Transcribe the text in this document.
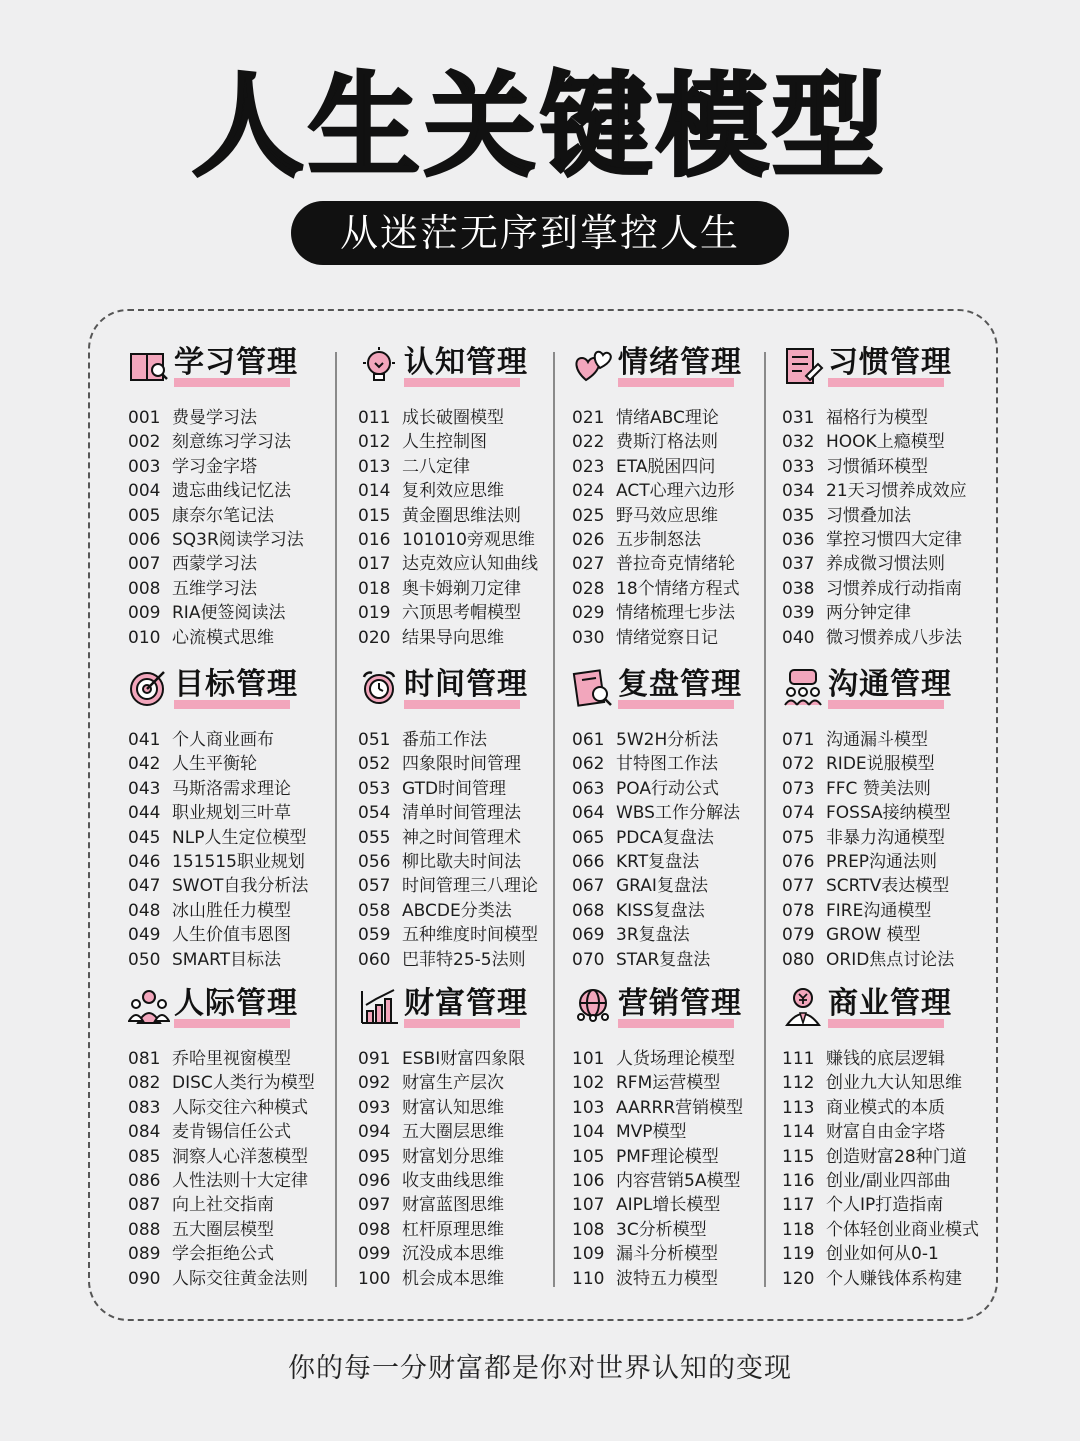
人生关键模型
从迷茫无序到掌控人生
学习管理
001 费曼学习法
002 刻意练习学习法
003 学习金字塔
004 遗忘曲线记忆法
005 康奈尔笔记法
006 SQ3R阅读学习法
007 西蒙学习法
008 五维学习法
009 RIA便签阅读法
010 心流模式思维
认知管理
011 成长破圈模型
012 人生控制图
013 二八定律
014 复利效应思维
015 黄金圈思维法则
016 101010旁观思维
017 达克效应认知曲线
018 奥卡姆剃刀定律
019 六顶思考帽模型
020 结果导向思维
情绪管理
021 情绪ABC理论
022 费斯汀格法则
023 ETA脱困四问
024 ACT心理六边形
025 野马效应思维
026 五步制怒法
027 普拉奇克情绪轮
028 18个情绪方程式
029 情绪梳理七步法
030 情绪觉察日记
习惯管理
031 福格行为模型
032 HOOK上瘾模型
033 习惯循环模型
034 21天习惯养成效应
035 习惯叠加法
036 掌控习惯四大定律
037 养成微习惯法则
038 习惯养成行动指南
039 两分钟定律
040 微习惯养成八步法
目标管理
041 个人商业画布
042 人生平衡轮
043 马斯洛需求理论
044 职业规划三叶草
045 NLP人生定位模型
046 151515职业规划
047 SWOT自我分析法
048 冰山胜任力模型
049 人生价值韦恩图
050 SMART目标法
时间管理
051 番茄工作法
052 四象限时间管理
053 GTD时间管理
054 清单时间管理法
055 神之时间管理术
056 柳比歇夫时间法
057 时间管理三八理论
058 ABCDE分类法
059 五种维度时间模型
060 巴菲特25-5法则
复盘管理
061 5W2H分析法
062 甘特图工作法
063 POA行动公式
064 WBS工作分解法
065 PDCA复盘法
066 KRT复盘法
067 GRAI复盘法
068 KISS复盘法
069 3R复盘法
070 STAR复盘法
沟通管理
071 沟通漏斗模型
072 RIDE说服模型
073 FFC 赞美法则
074 FOSSA接纳模型
075 非暴力沟通模型
076 PREP沟通法则
077 SCRTV表达模型
078 FIRE沟通模型
079 GROW 模型
080 ORID焦点讨论法
人际管理
081 乔哈里视窗模型
082 DISC人类行为模型
083 人际交往六种模式
084 麦肯锡信任公式
085 洞察人心洋葱模型
086 人性法则十大定律
087 向上社交指南
088 五大圈层模型
089 学会拒绝公式
090 人际交往黄金法则
财富管理
091 ESBI财富四象限
092 财富生产层次
093 财富认知思维
094 五大圈层思维
095 财富划分思维
096 收支曲线思维
097 财富蓝图思维
098 杠杆原理思维
099 沉没成本思维
100 机会成本思维
营销管理
101 人货场理论模型
102 RFM运营模型
103 AARRR营销模型
104 MVP模型
105 PMF理论模型
106 内容营销5A模型
107 AIPL增长模型
108 3C分析模型
109 漏斗分析模型
110 波特五力模型
商业管理
111 赚钱的底层逻辑
112 创业九大认知思维
113 商业模式的本质
114 财富自由金字塔
115 创造财富28种门道
116 创业/副业四部曲
117 个人IP打造指南
118 个体轻创业商业模式
119 创业如何从0-1
120 个人赚钱体系构建
你的每一分财富都是你对世界认知的变现
